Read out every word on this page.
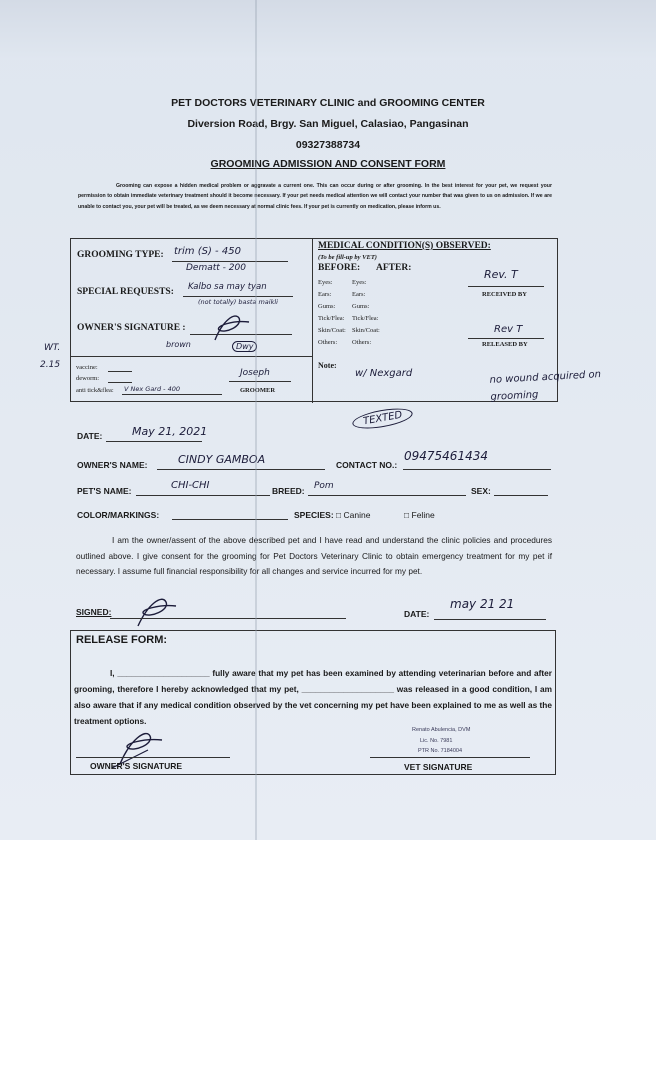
PET DOCTORS VETERINARY CLINIC and GROOMING CENTER
Diversion Road, Brgy. San Miguel, Calasiao, Pangasinan
09327388734
GROOMING ADMISSION AND CONSENT FORM
Grooming can expose a hidden medical problem or aggravate a current one. This can occur during or after grooming. In the best interest for your pet, we request your permission to obtain immediate veterinary treatment should it become necessary. If your pet needs medical attention we will contact your number that was given to us on admission. If we are unable to contact you, your pet will be treated, as we deem necessary at normal clinic fees. If your pet is currently on medication, please inform us.
GROOMING TYPE: trim (S) - 450
Dematt - 200
SPECIAL REQUESTS: Kalbo sa may tyan
(not totally) basta maikli
OWNER'S SIGNATURE :
brown	Dwy
WT.
2.15 vaccine:
deworm:
anti tick&flea: V Nex Gard - 400
Joseph
GROOMER
MEDICAL CONDITION(S) OBSERVED:
(To be fill-up by VET)
BEFORE: AFTER:
Eyes:	Eyes:
Ears:	Ears:
Gums:	Gums:
Tick/Flea: Tick/Flea:
Skin/Coat: Skin/Coat:
Others: Others:
Rev. T
RECEIVED BY
Rev T
RELEASED BY
Note:
w/ Nexgard	no wound acquired on grooming
TEXTED
DATE:	May 21, 2021
OWNER'S NAME:	CINDY GAMBOA	CONTACT NO.:
09475461434
PET'S NAME:	CHI-CHI	BREED: Pom	SEX:
COLOR/MARKINGS:	SPECIES: □ Canine	□ Feline
I am the owner/assent of the above described pet and I have read and understand the clinic policies and procedures outlined above. I give consent for the grooming for Pet Doctors Veterinary Clinic to obtain emergency treatment for my pet if necessary. I assume full financial responsibility for all changes and service incurred for my pet.
SIGNED:	DATE:
may 21 21
RELEASE FORM:
I, ____________________ fully aware that my pet has been examined by attending veterinarian before and after grooming, therefore I hereby acknowledged that my pet, ____________________ was released in a good condition, I am also aware that if any medical condition observed by the vet concerning my pet have been explained to me as well as the treatment options.
OWNER'S SIGNATURE
Renato Abulencia, DVM
Lic. No. 7981
PTR No. 7184004
VET SIGNATURE
